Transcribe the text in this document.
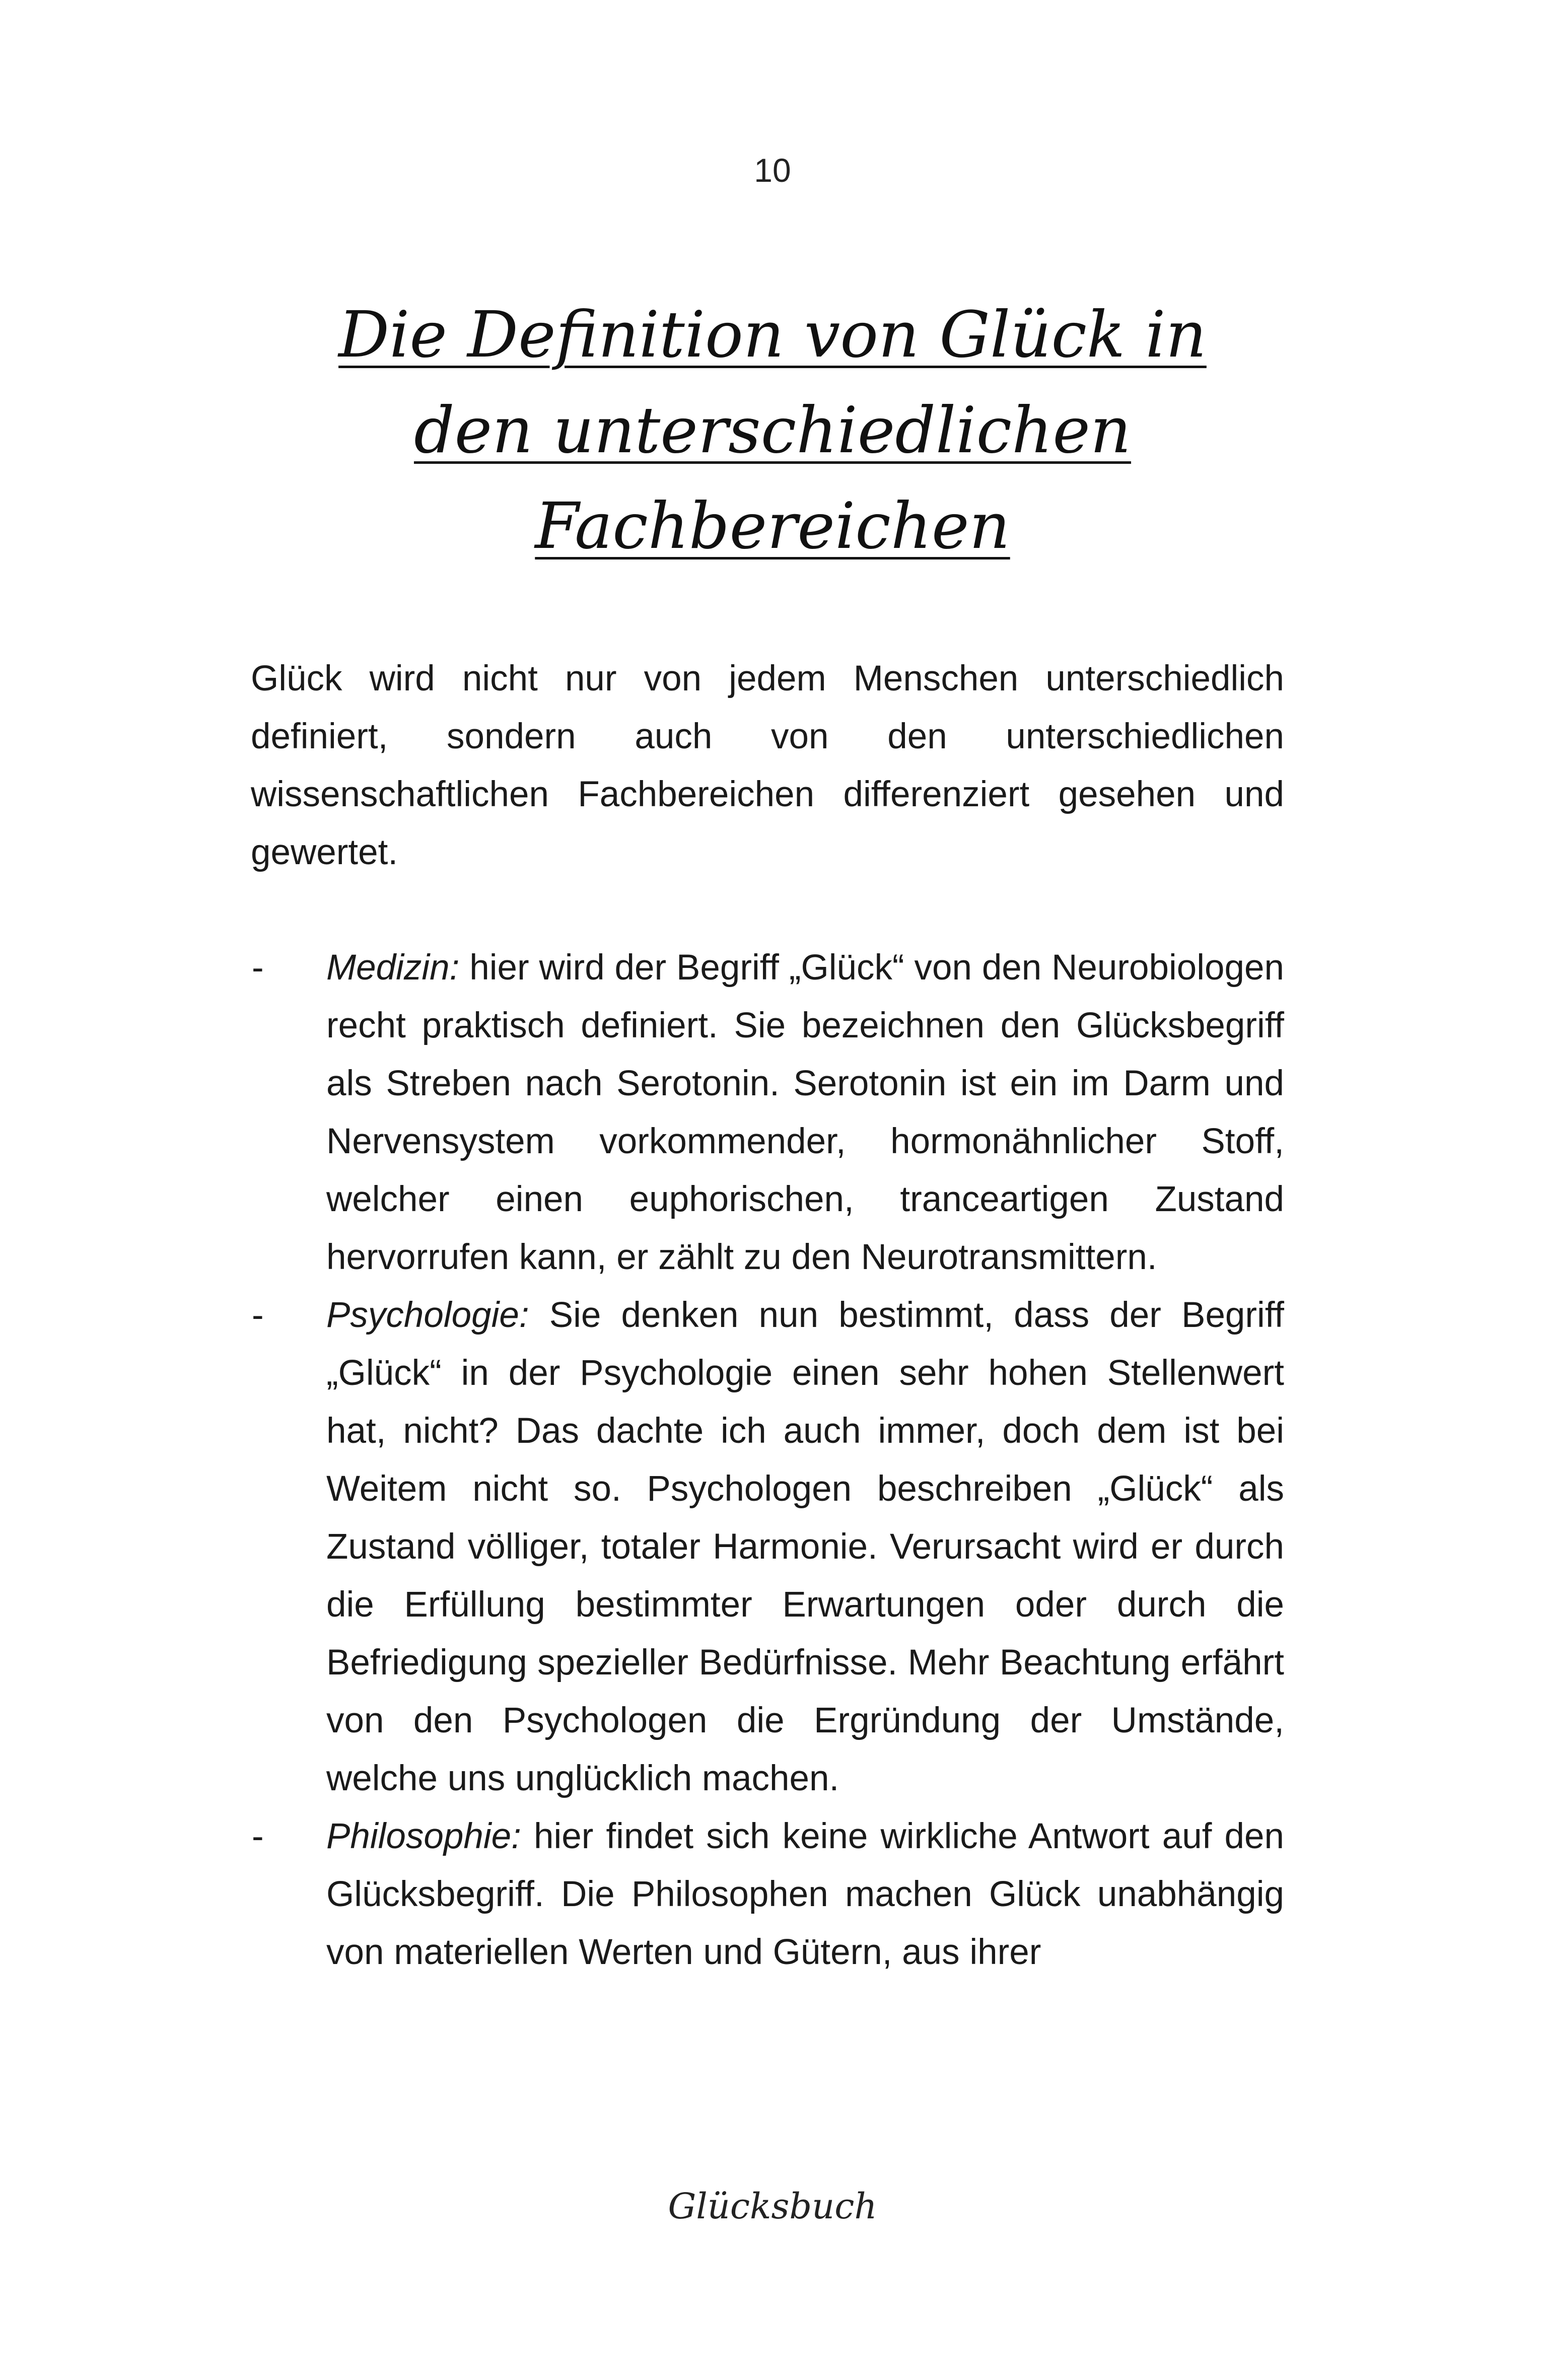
10
Die Definition von Glück in
den unterschiedlichen
Fachbereichen

Glück wird nicht nur von jedem Menschen unterschiedlich definiert, sondern auch von den unterschiedlichen wissenschaftlichen Fachbereichen differenziert gesehen und gewertet.

-	Medizin: hier wird der Begriff „Glück“ von den Neurobiologen recht praktisch definiert. Sie bezeichnen den Glücksbegriff als Streben nach Serotonin. Serotonin ist ein im Darm und Nervensystem vorkommender, hormonähnlicher Stoff, welcher einen euphorischen, tranceartigen Zustand hervorrufen kann, er zählt zu den Neurotransmittern.
-	Psychologie: Sie denken nun bestimmt, dass der Begriff „Glück“ in der Psychologie einen sehr hohen Stellenwert hat, nicht? Das dachte ich auch immer, doch dem ist bei Weitem nicht so. Psychologen beschreiben „Glück“ als Zustand völliger, totaler Harmonie. Verursacht wird er durch die Erfüllung bestimmter Erwartungen oder durch die Befriedigung spezieller Bedürfnisse. Mehr Beachtung erfährt von den Psychologen die Ergründung der Umstände, welche uns unglücklich machen.
-	Philosophie: hier findet sich keine wirkliche Antwort auf den Glücksbegriff. Die Philosophen machen Glück unabhängig von materiellen Werten und Gütern, aus ihrer
Glücksbuch
